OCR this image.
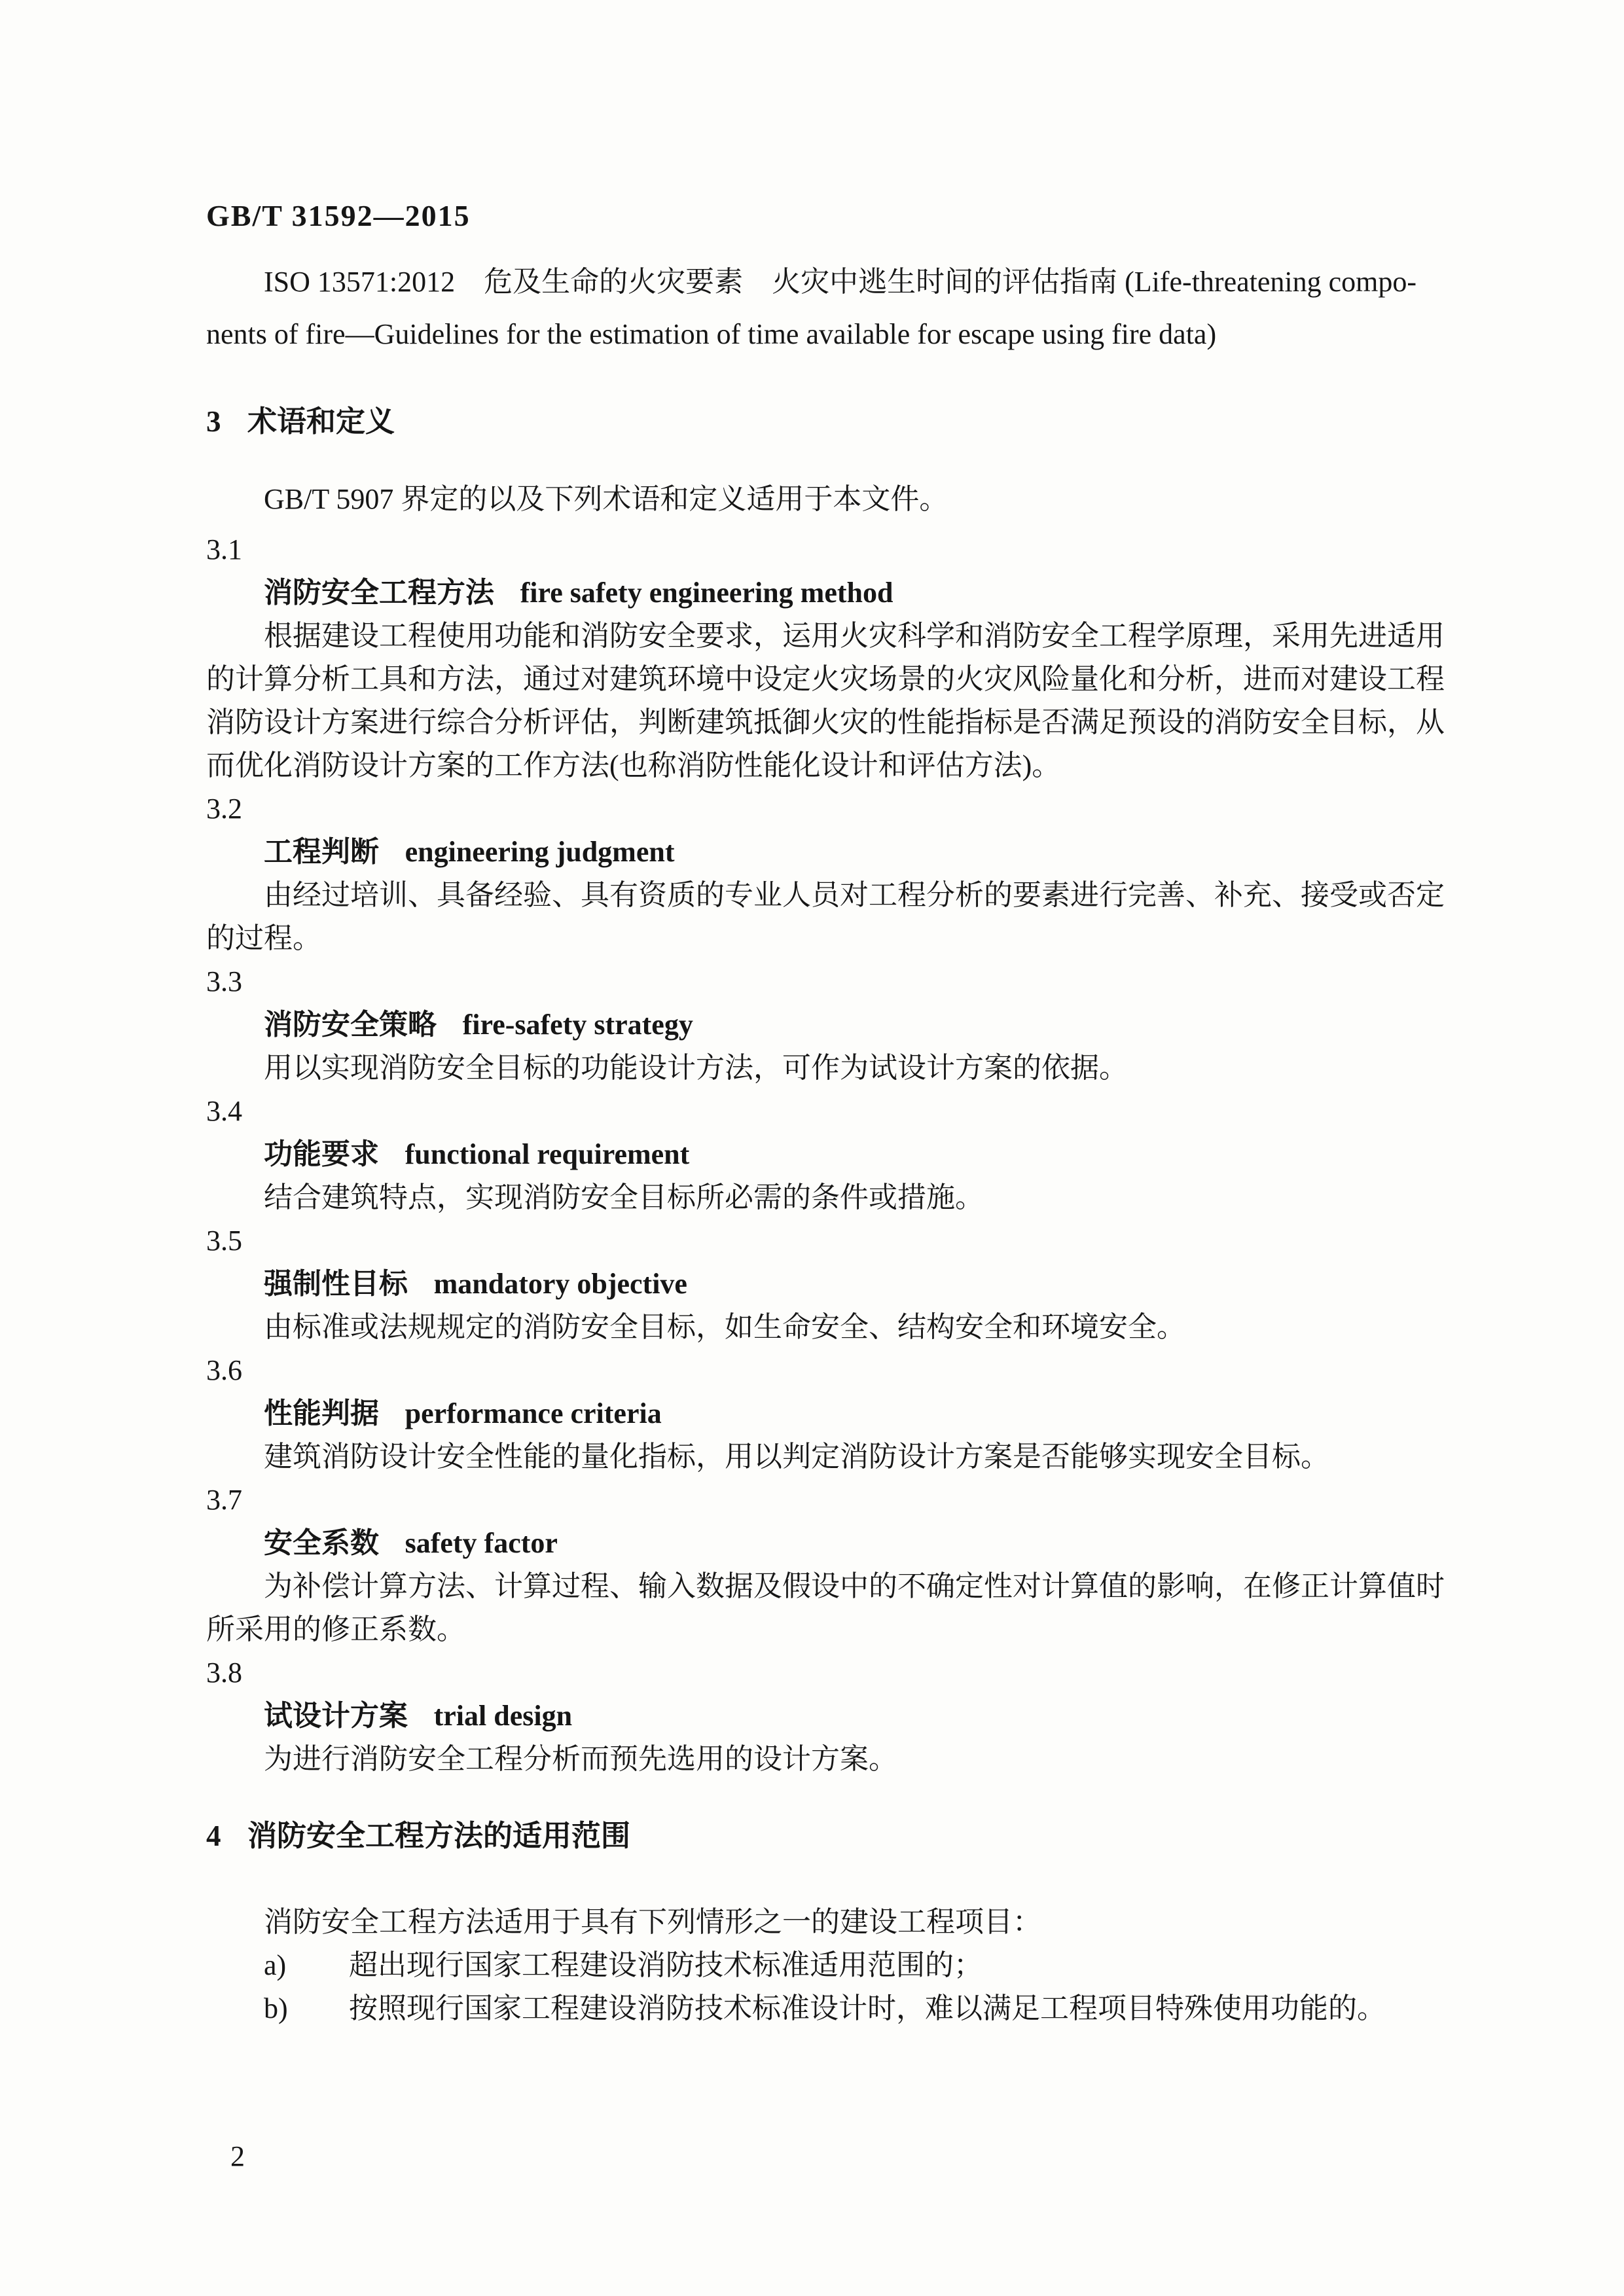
GB/T 31592—2015
ISO 13571:2012　危及生命的火灾要素　火灾中逃生时间的评估指南 (Life-threatening compo-
nents of fire—Guidelines for the estimation of time available for escape using fire data)
3 术语和定义
GB/T 5907 界定的以及下列术语和定义适用于本文件。
3.1
消防安全工程方法 fire safety engineering method

根据建设工程使用功能和消防安全要求，运用火灾科学和消防安全工程学原理，采用先进适用的计算分析工具和方法，通过对建筑环境中设定火灾场景的火灾风险量化和分析，进而对建设工程消防设计方案进行综合分析评估，判断建筑抵御火灾的性能指标是否满足预设的消防安全目标，从而优化消防设计方案的工作方法(也称消防性能化设计和评估方法)。

3.2
工程判断 engineering judgment

由经过培训、具备经验、具有资质的专业人员对工程分析的要素进行完善、补充、接受或否定的过程。

3.3
消防安全策略 fire-safety strategy

用以实现消防安全目标的功能设计方法，可作为试设计方案的依据。

3.4
功能要求 functional requirement

结合建筑特点，实现消防安全目标所必需的条件或措施。

3.5
强制性目标 mandatory objective

由标准或法规规定的消防安全目标，如生命安全、结构安全和环境安全。

3.6
性能判据 performance criteria

建筑消防设计安全性能的量化指标，用以判定消防设计方案是否能够实现安全目标。

3.7
安全系数 safety factor

为补偿计算方法、计算过程、输入数据及假设中的不确定性对计算值的影响，在修正计算值时所采用的修正系数。

3.8
试设计方案 trial design

为进行消防安全工程分析而预先选用的设计方案。

4 消防安全工程方法的适用范围
消防安全工程方法适用于具有下列情形之一的建设工程项目：
a) 超出现行国家工程建设消防技术标准适用范围的；
b) 按照现行国家工程建设消防技术标准设计时，难以满足工程项目特殊使用功能的。
2
